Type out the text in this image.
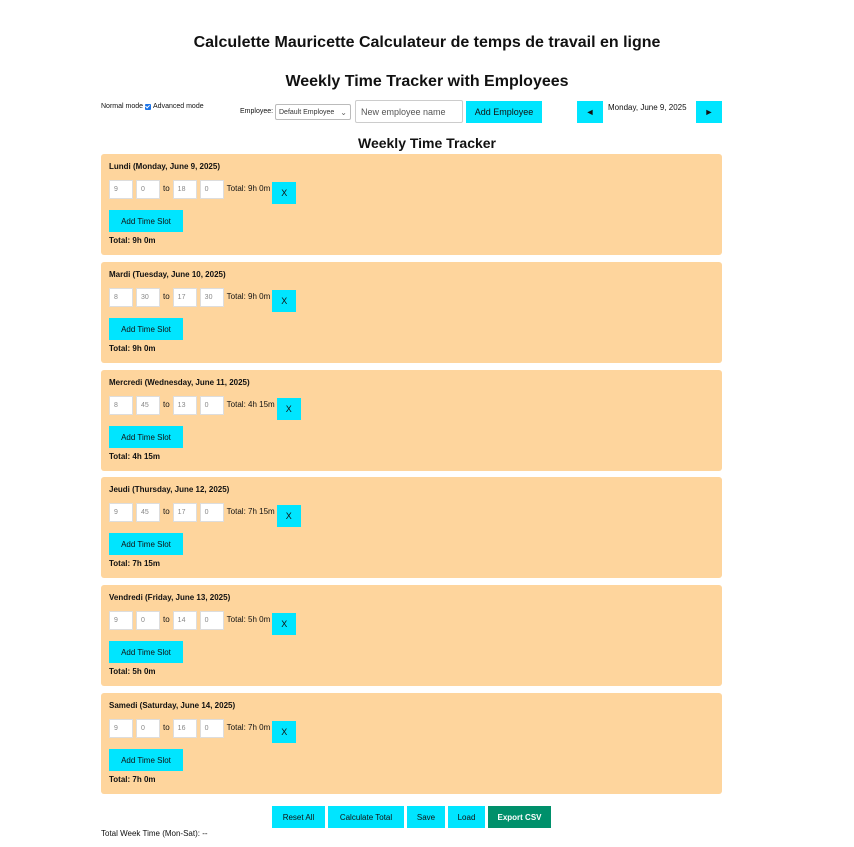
Calculette Mauricette Calculateur de temps de travail en ligne
Weekly Time Tracker with Employees
Normal mode Advanced mode
Employee: Default Employee ⌄
New employee name	Add Employee	◄	Monday, June 9, 2025	►
Weekly Time Tracker
Lundi (Monday, June 9, 2025)
9	0	to	18	0	Total: 9h 0m	X
Add Time Slot
Total: 9h 0m
Mardi (Tuesday, June 10, 2025)
8	30	to	17	30	Total: 9h 0m	X
Add Time Slot
Total: 9h 0m
Mercredi (Wednesday, June 11, 2025)
8	45	to	13	0	Total: 4h 15m	X
Add Time Slot
Total: 4h 15m
Jeudi (Thursday, June 12, 2025)
9	45	to	17	0	Total: 7h 15m	X
Add Time Slot
Total: 7h 15m
Vendredi (Friday, June 13, 2025)
9	0	to	14	0	Total: 5h 0m	X
Add Time Slot
Total: 5h 0m
Samedi (Saturday, June 14, 2025)
9	0	to	16	0	Total: 7h 0m	X
Add Time Slot
Total: 7h 0m
Reset All	Calculate Total	Save	Load	Export CSV
Total Week Time (Mon-Sat): --
